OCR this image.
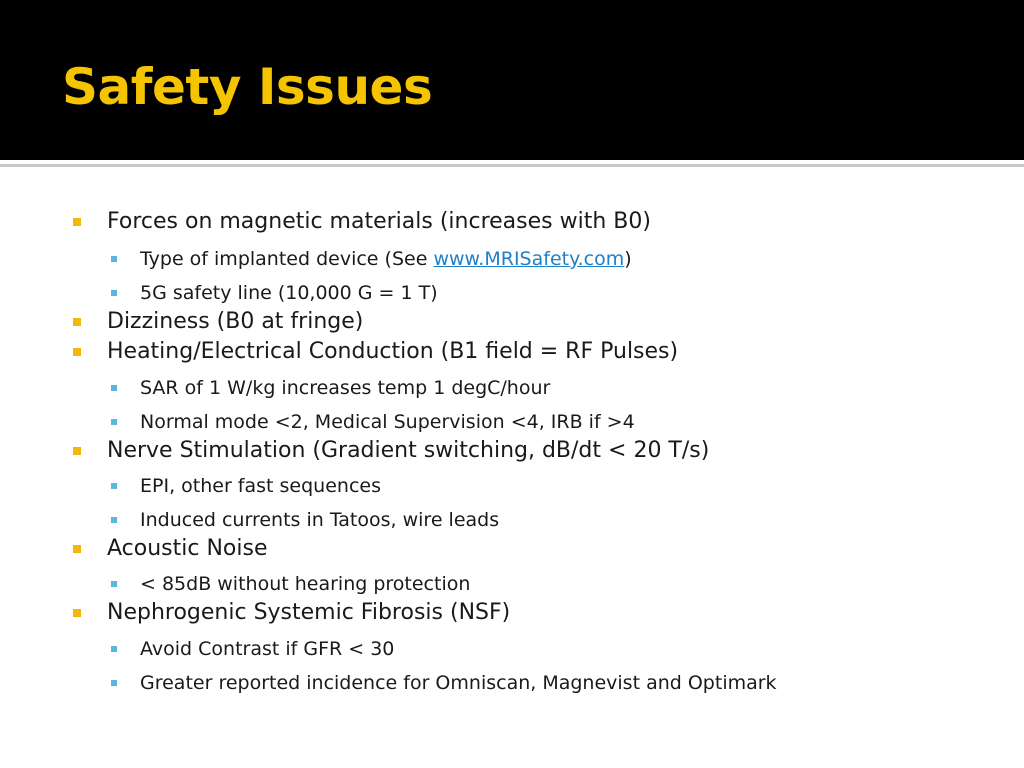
Safety Issues
Forces on magnetic materials (increases with B0)
Type of implanted device (See www.MRISafety.com)
5G safety line (10,000 G = 1 T)
Dizziness (B0 at fringe)
Heating/Electrical Conduction (B1 field = RF Pulses)
SAR of 1 W/kg increases temp 1 degC/hour
Normal mode <2, Medical Supervision <4, IRB if >4
Nerve Stimulation (Gradient switching, dB/dt < 20 T/s)
EPI, other fast sequences
Induced currents in Tatoos, wire leads
Acoustic Noise
< 85dB without hearing protection
Nephrogenic Systemic Fibrosis (NSF)
Avoid Contrast if GFR < 30
Greater reported incidence for Omniscan, Magnevist and Optimark
